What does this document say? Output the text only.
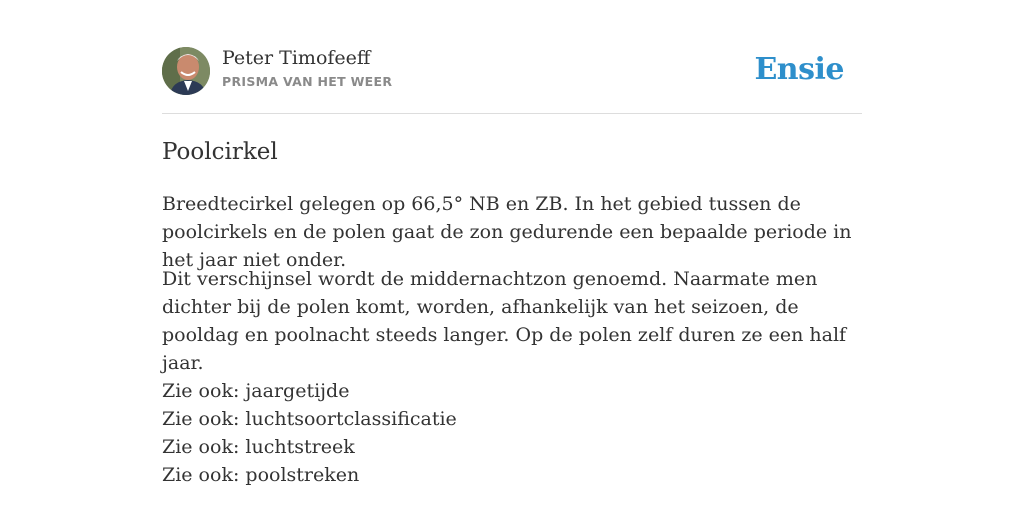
Peter Timofeeff
PRISMA VAN HET WEER	Ensie
Poolcirkel

Breedtecirkel gelegen op 66,5° NB en ZB. In het gebied tussen de poolcirkels en de polen gaat de zon gedurende een bepaalde periode in het jaar niet onder.

Dit verschijnsel wordt de middernachtzon genoemd. Naarmate men dichter bij de polen komt, worden, afhankelijk van het seizoen, de pooldag en poolnacht steeds langer. Op de polen zelf duren ze een half jaar.

Zie ook: jaargetijde
Zie ook: luchtsoortclassificatie
Zie ook: luchtstreek
Zie ook: poolstreken
